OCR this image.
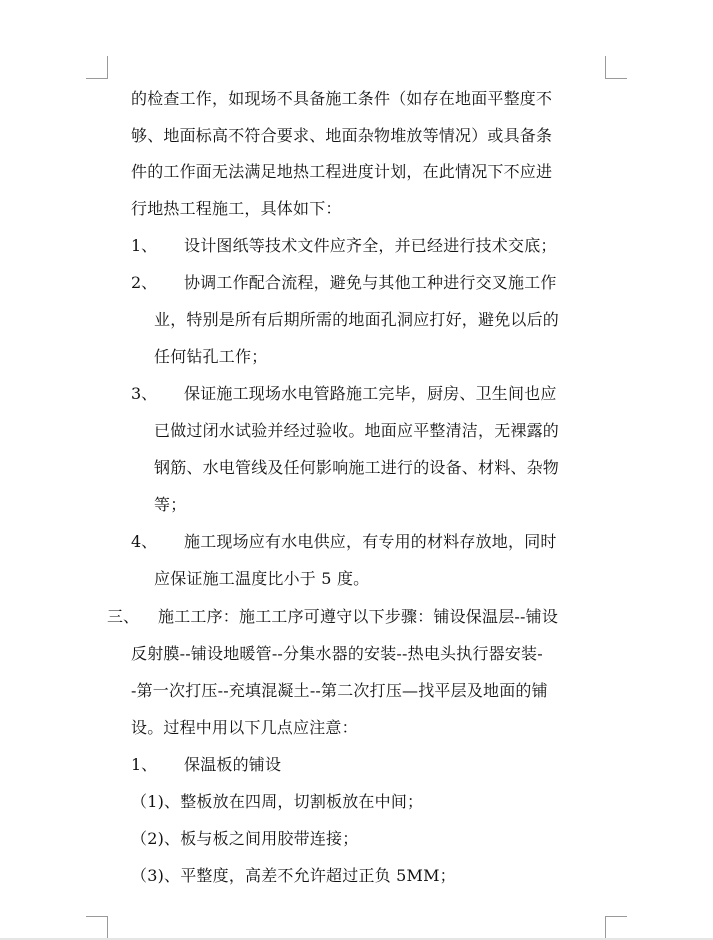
的检查工作，如现场不具备施工条件（如存在地面平整度不
够、地面标高不符合要求、地面杂物堆放等情况）或具备条
件的工作面无法满足地热工程进度计划，在此情况下不应进
行地热工程施工，具体如下：
1、 设计图纸等技术文件应齐全，并已经进行技术交底；
2、 协调工作配合流程，避免与其他工种进行交叉施工作
业，特别是所有后期所需的地面孔洞应打好，避免以后的
任何钻孔工作；
3、 保证施工现场水电管路施工完毕，厨房、卫生间也应
已做过闭水试验并经过验收。地面应平整清洁，无裸露的
钢筋、水电管线及任何影响施工进行的设备、材料、杂物
等；
4、 施工现场应有水电供应，有专用的材料存放地，同时
应保证施工温度比小于 5 度。
三、 施工工序：施工工序可遵守以下步骤：铺设保温层--铺设
反射膜--铺设地暖管--分集水器的安装--热电头执行器安装-
-第一次打压--充填混凝土--第二次打压—找平层及地面的铺
设。过程中用以下几点应注意：
1、 保温板的铺设
（1)、整板放在四周，切割板放在中间；
（2)、板与板之间用胶带连接；
（3)、平整度，高差不允许超过正负 5MM；
